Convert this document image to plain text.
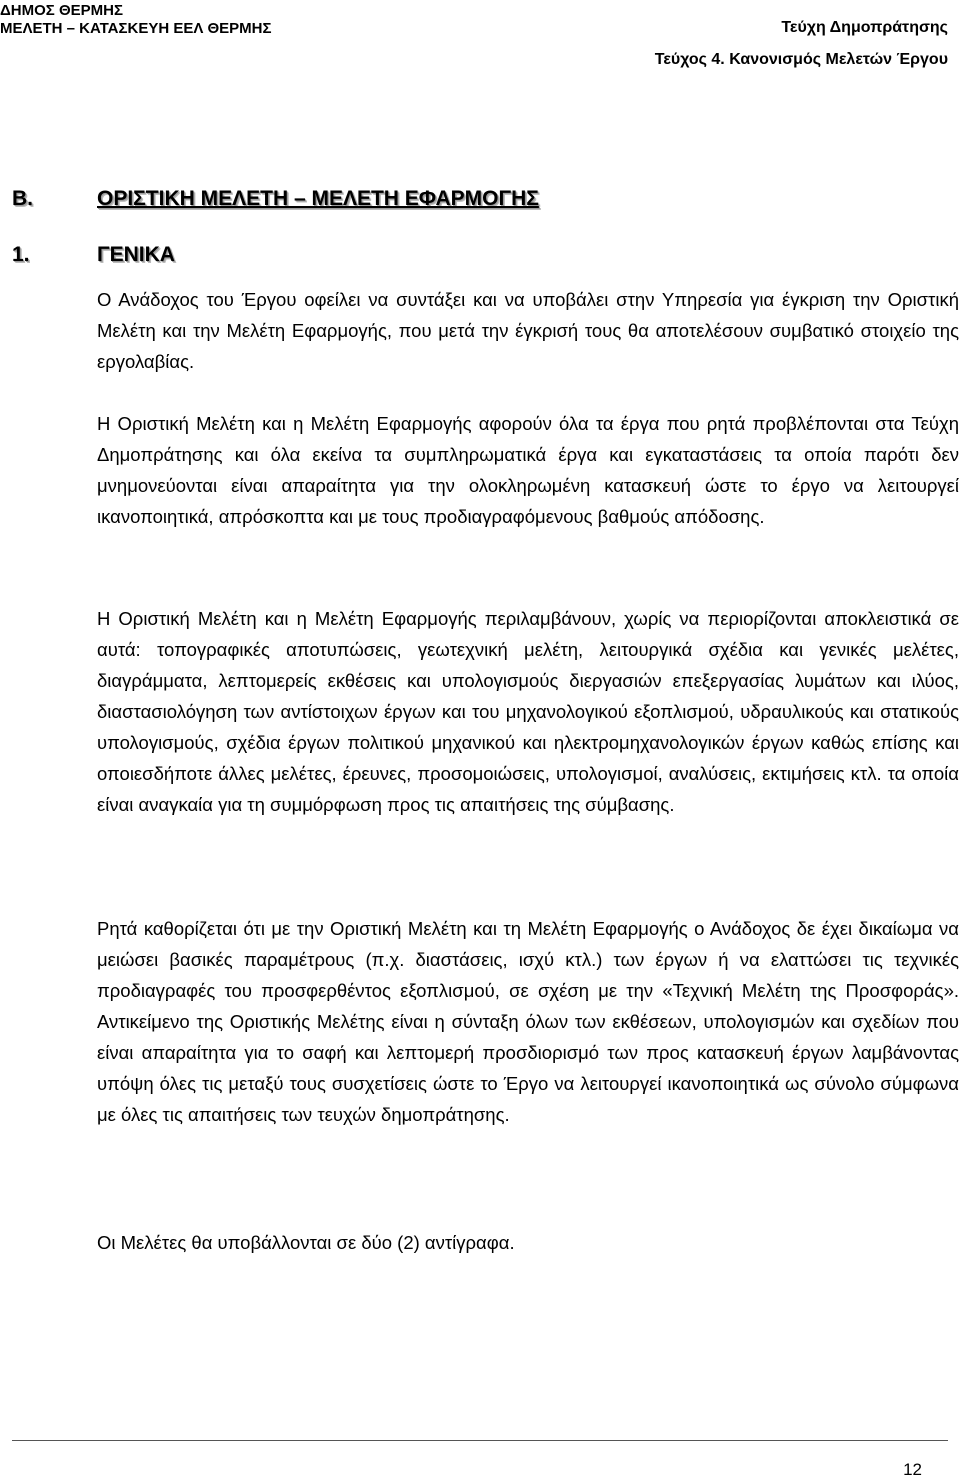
ΔΗΜΟΣ ΘΕΡΜΗΣ
ΜΕΛΕΤΗ – ΚΑΤΑΣΚΕΥΗ ΕΕΛ ΘΕΡΜΗΣ	Τεύχη Δημοπράτησης
Τεύχος 4. Κανονισμός Μελετών Έργου
Β.	ΟΡΙΣΤΙΚΗ ΜΕΛΕΤΗ – ΜΕΛΕΤΗ ΕΦΑΡΜΟΓΗΣ
1.	ΓΕΝΙΚΑ

Ο Ανάδοχος του Έργου οφείλει να συντάξει και να υποβάλει στην Υπηρεσία για έγκριση την Οριστική Μελέτη και την Μελέτη Εφαρμογής, που μετά την έγκρισή τους θα αποτελέσουν συμβατικό στοιχείο της εργολαβίας.

Η Οριστική Μελέτη και η Μελέτη Εφαρμογής αφορούν όλα τα έργα που ρητά προβλέπονται στα Τεύχη Δημοπράτησης και όλα εκείνα τα συμπληρωματικά έργα και εγκαταστάσεις τα οποία παρότι δεν μνημονεύονται είναι απαραίτητα για την ολοκληρωμένη κατασκευή ώστε το έργο να λειτουργεί ικανοποιητικά, απρόσκοπτα και με τους προδιαγραφόμενους βαθμούς απόδοσης.

Η Οριστική Μελέτη και η Μελέτη Εφαρμογής περιλαμβάνουν, χωρίς να περιορίζονται αποκλειστικά σε αυτά: τοπογραφικές αποτυπώσεις, γεωτεχνική μελέτη, λειτουργικά σχέδια και γενικές μελέτες, διαγράμματα, λεπτομερείς εκθέσεις και υπολογισμούς διεργασιών επεξεργασίας λυμάτων και ιλύος, διαστασιολόγηση των αντίστοιχων έργων και του μηχανολογικού εξοπλισμού, υδραυλικούς και στατικούς υπολογισμούς, σχέδια έργων πολιτικού μηχανικού και ηλεκτρομηχανολογικών έργων καθώς επίσης και οποιεσδήποτε άλλες μελέτες, έρευνες, προσομοιώσεις, υπολογισμοί, αναλύσεις, εκτιμήσεις κτλ. τα οποία είναι αναγκαία για τη συμμόρφωση προς τις απαιτήσεις της σύμβασης.

Ρητά καθορίζεται ότι με την Οριστική Μελέτη και τη Μελέτη Εφαρμογής ο Ανάδοχος δε έχει δικαίωμα να μειώσει βασικές παραμέτρους (π.χ. διαστάσεις, ισχύ κτλ.) των έργων ή να ελαττώσει τις τεχνικές προδιαγραφές του προσφερθέντος εξοπλισμού, σε σχέση με την «Τεχνική Μελέτη της Προσφοράς». Αντικείμενο της Οριστικής Μελέτης είναι η σύνταξη όλων των εκθέσεων, υπολογισμών και σχεδίων που είναι απαραίτητα για το σαφή και λεπτομερή προσδιορισμό των προς κατασκευή έργων λαμβάνοντας υπόψη όλες τις μεταξύ τους συσχετίσεις ώστε το Έργο να λειτουργεί ικανοποιητικά ως σύνολο σύμφωνα με όλες τις απαιτήσεις των τευχών δημοπράτησης.

Οι Μελέτες θα υποβάλλονται σε δύο (2) αντίγραφα.

12
